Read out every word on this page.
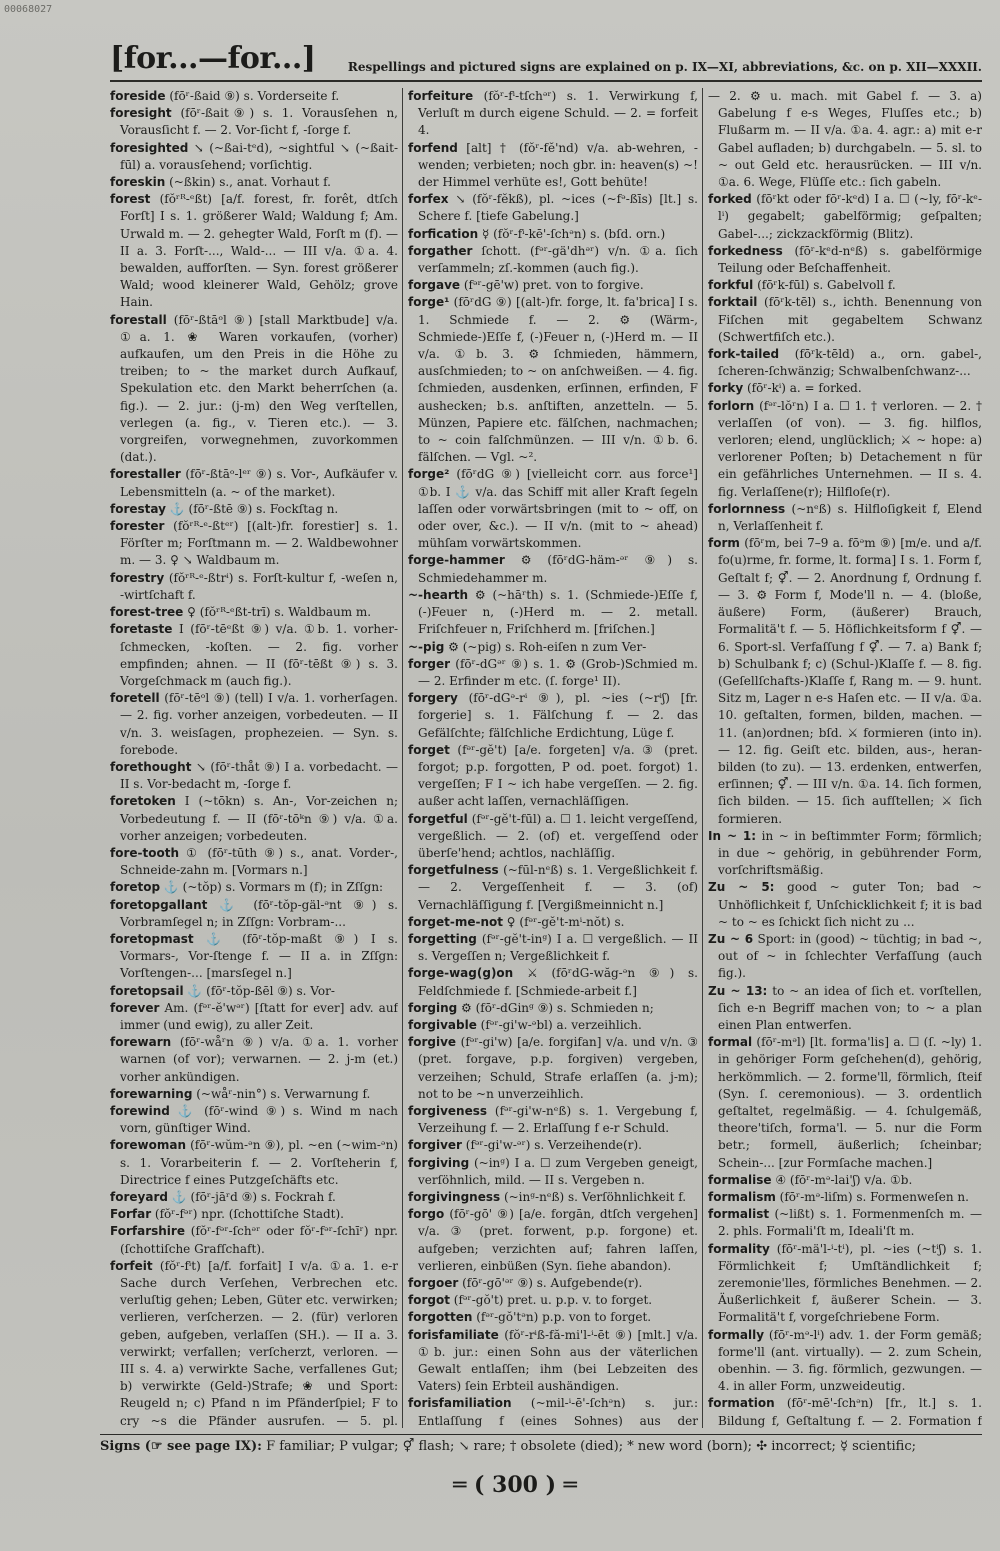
00068027
[for...—for...]	Respellings and pictured signs are explained on p. IX—XI, abbreviations, &c. on p. XII—XXXII.
foreside (fōʳ-ßaid ⑨) s. Vorderseite f.
foresight (fōʳ-ßait⑨) s. 1. Vorausſehen n, Vorausſicht f. — 2. Vor-ſicht f, -ſorge f.
foresighted ↘ (~ßai-tᵉd), ~sightful ↘ (~ßait-fūl) a. vorausſehend; vorſichtig.
foreskin (~ßkin) s., anat. Vorhaut f.
forest (fŏʳᴿ-ᵉßt) [a/f. forest, fr. forêt, dtſch Forſt] I s. 1. größerer Wald; Waldung f; Am. Urwald m. — 2. gehegter Wald, Forſt m (f). — II a. 3. Forſt-..., Wald-... — III v/a. ①a. 4. bewalden, aufforſten. — Syn. forest größerer Wald; wood kleinerer Wald, Gehölz; grove Hain.
forestall (fōʳ-ßtāᵒl ⑨) [stall Marktbude] v/a. ①a. 1. ❀ Waren vorkaufen, (vorher) aufkaufen, um den Preis in die Höhe zu treiben; to ~ the market durch Aufkauf, Spekulation etc. den Markt beherrſchen (a. fig.). — 2. jur.: (j-m) den Weg verſtellen, verlegen (a. fig., v. Tieren etc.). — 3. vorgreifen, vorwegnehmen, zuvorkommen (dat.).
forestaller (fōʳ-ßtāᵒ-lᵉʳ ⑨) s. Vor-, Aufkäufer v. Lebensmitteln (a. ~ of the market).
forestay ⚓ (fōʳ-ßtē ⑨) s. Fockſtag n.
forester (fŏʳᴿ-ᵉ-ßtᵉʳ) [(alt-)fr. forestier] s. 1. Förſter m; Forſtmann m. — 2. Waldbewohner m. — 3. ♀ ↘ Waldbaum m.
forestry (fŏʳᴿ-ᵉ-ßtrⁱ) s. Forſt-kultur f, -weſen n, -wirtſchaft f.
forest-tree ♀ (fŏʳᴿ-ᵉßt-trī) s. Waldbaum m.
foretaste I (fōʳ-tēᵉßt ⑨) v/a. ①b. 1. vorher-ſchmecken, -koſten. — 2. fig. vorher empfinden; ahnen. — II (fōʳ-tēßt ⑨) s. 3. Vorgeſchmack m (auch fig.).
foretell (fōʳ-tēᵒl ⑨) (tell) I v/a. 1. vorherſagen. — 2. fig. vorher anzeigen, vorbedeuten. — II v/n. 3. weisſagen, prophezeien. — Syn. s. forebode.
forethought ↘ (fōʳ-thåt ⑨) I a. vorbedacht. — II s. Vor-bedacht m, -ſorge f.
foretoken I (~tōkn) s. An-, Vor-zeichen n; Vorbedeutung f. — II (fōʳ-tōᵏn ⑨) v/a. ①a. vorher anzeigen; vorbedeuten.
fore-tooth ① (fōʳ-tūth ⑨) s., anat. Vorder-, Schneide-zahn m. [Vormars n.]
foretop ⚓ (~tŏp) s. Vormars m (f); in Zſſgn:
foretopgallant ⚓ (fōʳ-tŏp-gäl-ᵊnt ⑨) s. Vorbramſegel n; in Zſſgn: Vorbram-...
foretopmast ⚓ (fōʳ-tŏp-maßt ⑨) I s. Vormars-, Vor-ſtenge f. — II a. in Zſſgn: Vorſtengen-... [marsſegel n.]
foretopsail ⚓ (fōʳ-tŏp-ßēl ⑨) s. Vor-
forever Am. (fᵊʳ-ĕ'wᵊʳ) [ſtatt for ever] adv. auf immer (und ewig), zu aller Zeit.
forewarn (fōʳ-wåʳn ⑨) v/a. ①a. 1. vorher warnen (of vor); verwarnen. — 2. j-m (et.) vorher ankündigen.
forewarning (~wåʳ-nin°) s. Verwarnung f.
forewind ⚓ (fōʳ-wind ⑨) s. Wind m nach vorn, günſtiger Wind.
forewoman (fōʳ-wŭm-ᵊn ⑨), pl. ~en (~wim-ᵊn) s. 1. Vorarbeiterin f. — 2. Vorſteherin f, Directrice f eines Putzgeſchäfts etc.
foreyard ⚓ (fōʳ-jāʳd ⑨) s. Fockrah f.
Forfar (fŏʳ-fᵊʳ) npr. (ſchottiſche Stadt).
Forfarshire (fŏʳ-fᵊʳ-ſchᵊʳ oder fŏʳ-fᵊʳ-ſchīʳ) npr. (ſchottiſche Grafſchaft).
forfeit (fŏʳ-fⁱt) [a/f. forfait] I v/a. ①a. 1. e-r Sache durch Verſehen, Verbrechen etc. verluſtig gehen; Leben, Güter etc. verwirken; verlieren, verſcherzen. — 2. (für) verloren geben, aufgeben, verlaſſen (SH.). — II a. 3. verwirkt; verfallen; verſcherzt, verloren. — III s. 4. a) verwirkte Sache, verfallenes Gut; b) verwirkte (Geld-)Strafe; ❀ und Sport: Reugeld n; c) Pfand n im Pfänderſpiel; F to cry ~s die Pfänder ausrufen. — 5. pl.
forfeiture (fŏʳ-fⁱ-tſchᵊʳ) s. 1. Verwirkung f, Verluſt m durch eigene Schuld. — 2. = forfeit 4.
forfend [alt] † (fŏʳ-fĕ'nd) v/a. ab-wehren, -wenden; verbieten; noch gbr. in: heaven(s) ~! der Himmel verhüte es!, Gott behüte!
forfex ↘ (fŏʳ-fĕkß), pl. ~ices (~fᵊ-ßīs) [lt.] s. Schere f. [tiefe Gabelung.]
forfication ☿ (fŏʳ-fⁱ-kē'-ſchᵊn) s. (bſd. orn.)
forgather ſchott. (fᵊʳ-gä'dhᵊʳ) v/n. ①a. ſich verſammeln; zſ.-kommen (auch fig.).
forgave (fᵊʳ-gē'w) pret. von to forgive.
forge¹ (fōʳdG ⑨) [(alt-)fr. forge, lt. fa'brica] I s. 1. Schmiede f. — 2. ⚙ (Wärm-, Schmiede-)Eſſe f, (-)Feuer n, (-)Herd m. — II v/a. ①b. 3. ⚙ ſchmieden, hämmern, ausſchmieden; to ~ on anſchweißen. — 4. fig. ſchmieden, ausdenken, erſinnen, erfinden, F aushecken; b.s. anſtiften, anzetteln. — 5. Münzen, Papiere etc. fälſchen, nachmachen; to ~ coin falſchmünzen. — III v/n. ①b. 6. fälſchen. — Vgl. ~².
forge² (fōʳdG ⑨) [vielleicht corr. aus force¹] ①b. I ⚓ v/a. das Schiff mit aller Kraft ſegeln laſſen oder vorwärtsbringen (mit to ~ off, on oder over, &c.). — II v/n. (mit to ~ ahead) mühſam vorwärtskommen.
forge-hammer ⚙ (fōʳdG-häm-ᵊʳ ⑨) s. Schmiedehammer m.
~-hearth ⚙ (~hāʳth) s. 1. (Schmiede-)Eſſe f, (-)Feuer n, (-)Herd m. — 2. metall. Friſchfeuer n, Friſchherd m. [friſchen.]
~-pig ⚙ (~pig) s. Roh-eiſen n zum Ver-
forger (fōʳ-dGᵊʳ ⑨) s. 1. ⚙ (Grob-)Schmied m. — 2. Erfinder m etc. (ſ. forge¹ II).
forgery (fōʳ-dGᵊ-rⁱ ⑨), pl. ~ies (~rⁱʃ) [fr. forgerie] s. 1. Fälſchung f. — 2. das Gefälſchte; fälſchliche Erdichtung, Lüge f.
forget (fᵊʳ-gĕ't) [a/e. forgeten] v/a. ③ (pret. forgot; p.p. forgotten, P od. poet. forgot) 1. vergeſſen; F I ~ ich habe vergeſſen. — 2. fig. außer acht laſſen, vernachläſſigen.
forgetful (fᵊʳ-gĕ't-fūl) a. ☐ 1. leicht vergeſſend, vergeßlich. — 2. (of) et. vergeſſend oder überſe'hend; achtlos, nachläſſig.
forgetfulness (~fūl-nᵉß) s. 1. Vergeßlichkeit f. — 2. Vergeſſenheit f. — 3. (of) Vernachläſſigung f. [Vergißmeinnicht n.]
forget-me-not ♀ (fᵊʳ-gĕ't-mⁱ-nŏt) s.
forgetting (fᵊʳ-gĕ't-inᵍ) I a. ☐ vergeßlich. — II s. Vergeſſen n; Vergeßlichkeit f.
forge-wag(g)on ⚔ (fōʳdG-wăg-ᵊn ⑨) s. Feldſchmiede f. [Schmiede-arbeit f.]
forging ⚙ (fōʳ-dGinᵍ ⑨) s. Schmieden n;
forgivable (fᵊʳ-gi'w-ᵊbl) a. verzeihlich.
forgive (fᵊʳ-gi'w) [a/e. forgifan] v/a. und v/n. ③ (pret. forgave, p.p. forgiven) vergeben, verzeihen; Schuld, Strafe erlaſſen (a. j-m); not to be ~n unverzeihlich.
forgiveness (fᵊʳ-gi'w-nᵉß) s. 1. Vergebung f, Verzeihung f. — 2. Erlaſſung f e-r Schuld.
forgiver (fᵊʳ-gi'w-ᵊʳ) s. Verzeihende(r).
forgiving (~inᵍ) I a. ☐ zum Vergeben geneigt, verſöhnlich, mild. — II s. Vergeben n.
forgivingness (~inᵍ-nᵉß) s. Verſöhnlichkeit f.
forgo (fōʳ-gō' ⑨) [a/e. forgān, dtſch vergehen] v/a. ③ (pret. forwent, p.p. forgone) et. aufgeben; verzichten auf; fahren laſſen, verlieren, einbüßen (Syn. ſiehe abandon).
forgoer (fōʳ-gō'ᵊʳ ⑨) s. Aufgebende(r).
forgot (fᵊʳ-gŏ't) pret. u. p.p. v. to forget.
forgotten (fᵊʳ-gŏ'tᵊn) p.p. von to forget.
forisfamiliate (fŏʳ-rⁱß-fă-mi'l-ⁱ-ēt ⑨) [mlt.] v/a. ①b. jur.: einen Sohn aus der väterlichen Gewalt entlaſſen; ihm (bei Lebzeiten des Vaters) ſein Erbteil aushändigen.
forisfamiliation (~mil-ⁱ-ē'-ſchᵊn) s. jur.: Entlaſſung f (eines Sohnes) aus der
— 2. ⚙ u. mach. mit Gabel f. — 3. a) Gabelung f e-s Weges, Fluſſes etc.; b) Flußarm m. — II v/a. ①a. 4. agr.: a) mit e-r Gabel aufladen; b) durchgabeln. — 5. sl. to ~ out Geld etc. herausrücken. — III v/n. ①a. 6. Wege, Flüſſe etc.: ſich gabeln.
forked (fōʳkt oder fōʳ-kᵉd) I a. ☐ (~ly, fōʳ-kᵉ-lⁱ) gegabelt; gabelförmig; geſpalten; Gabel-...; zickzackförmig (Blitz).
forkedness (fōʳ-kᵉd-nᵉß) s. gabelförmige Teilung oder Beſchaffenheit.
forkful (fōʳk-fūl) s. Gabelvoll f.
forktail (fōʳk-tēl) s., ichth. Benennung von Fiſchen mit gegabeltem Schwanz (Schwertfiſch etc.).
fork-tailed (fōʳk-tēld) a., orn. gabel-, ſcheren-ſchwänzig; Schwalbenſchwanz-...
forky (fōʳ-kⁱ) a. = forked.
forlorn (fᵊʳ-lŏʳn) I a. ☐ 1. † verloren. — 2. † verlaſſen (of von). — 3. fig. hilflos, verloren; elend, unglücklich; ⚔ ~ hope: a) verlorener Poſten; b) Detachement n für ein gefährliches Unternehmen. — II s. 4. fig. Verlaſſene(r); Hilfloſe(r).
forlornness (~nᵉß) s. Hilfloſigkeit f, Elend n, Verlaſſenheit f.
form (fōʳm, bei 7–9 a. fōᵊm ⑨) [m/e. und a/f. fo(u)rme, fr. forme, lt. forma] I s. 1. Form f, Geſtalt f; ⚥. — 2. Anordnung f, Ordnung f. — 3. ⚙ Form f, Mode'll n. — 4. (bloße, äußere) Form, (äußerer) Brauch, Formalitä't f. — 5. Höflichkeitsform f ⚥. — 6. Sport-sl. Verfaſſung f ⚥. — 7. a) Bank f; b) Schulbank f; c) (Schul-)Klaſſe f. — 8. fig. (Geſellſchafts-)Klaſſe f, Rang m. — 9. hunt. Sitz m, Lager n e-s Haſen etc. — II v/a. ①a. 10. geſtalten, formen, bilden, machen. — 11. (an)ordnen; bſd. ⚔ formieren (into in). — 12. fig. Geiſt etc. bilden, aus-, heran-bilden (to zu). — 13. erdenken, entwerfen, erſinnen; ⚥. — III v/n. ①a. 14. ſich formen, ſich bilden. — 15. ſich aufſtellen; ⚔ ſich formieren.
In ~ 1: in ~ in beſtimmter Form; förmlich; in due ~ gehörig, in gebührender Form, vorſchriftsmäßig.
Zu ~ 5: good ~ guter Ton; bad ~ Unhöflichkeit f, Unſchicklichkeit f; it is bad ~ to ~ es ſchickt ſich nicht zu ...
Zu ~ 6 Sport: in (good) ~ tüchtig; in bad ~, out of ~ in ſchlechter Verfaſſung (auch fig.).
Zu ~ 13: to ~ an idea of ſich et. vorſtellen, ſich e-n Begriff machen von; to ~ a plan einen Plan entwerfen.
formal (fōʳ-mᵊl) [lt. forma'lis] a. ☐ (ſ. ~ly) 1. in gehöriger Form geſchehen(d), gehörig, herkömmlich. — 2. forme'll, förmlich, ſteif (Syn. ſ. ceremonious). — 3. ordentlich geſtaltet, regelmäßig. — 4. ſchulgemäß, theore'tiſch, forma'l. — 5. nur die Form betr.; formell, äußerlich; ſcheinbar; Schein-... [zur Formſache machen.]
formalise ④ (fōʳ-mᵊ-lai'ʃ) v/a. ①b.
formalism (fōʳ-mᵊ-liſm) s. Formenweſen n.
formalist (~lißt) s. 1. Formenmenſch m. — 2. phls. Formali'ſt m, Ideali'ſt m.
formality (fōʳ-mä'l-ⁱ-tⁱ), pl. ~ies (~tⁱʃ) s. 1. Förmlichkeit f; Umſtändlichkeit f; zeremonie'lles, förmliches Benehmen. — 2. Äußerlichkeit f, äußerer Schein. — 3. Formalitä't f, vorgeſchriebene Form.
formally (fōʳ-mᵊ-lⁱ) adv. 1. der Form gemäß; forme'll (ant. virtually). — 2. zum Schein, obenhin. — 3. fig. förmlich, gezwungen. — 4. in aller Form, unzweideutig.
formation (fōʳ-mē'-ſchᵊn) [fr., lt.] s. 1. Bildung f, Geſtaltung f. — 2. Formation f
Signs (☞ see page IX): F familiar; P vulgar; ⚥ flash; ↘ rare; † obsolete (died); * new word (born); ✣ incorrect; ☿ scientific;
═ ( 300 ) ═
